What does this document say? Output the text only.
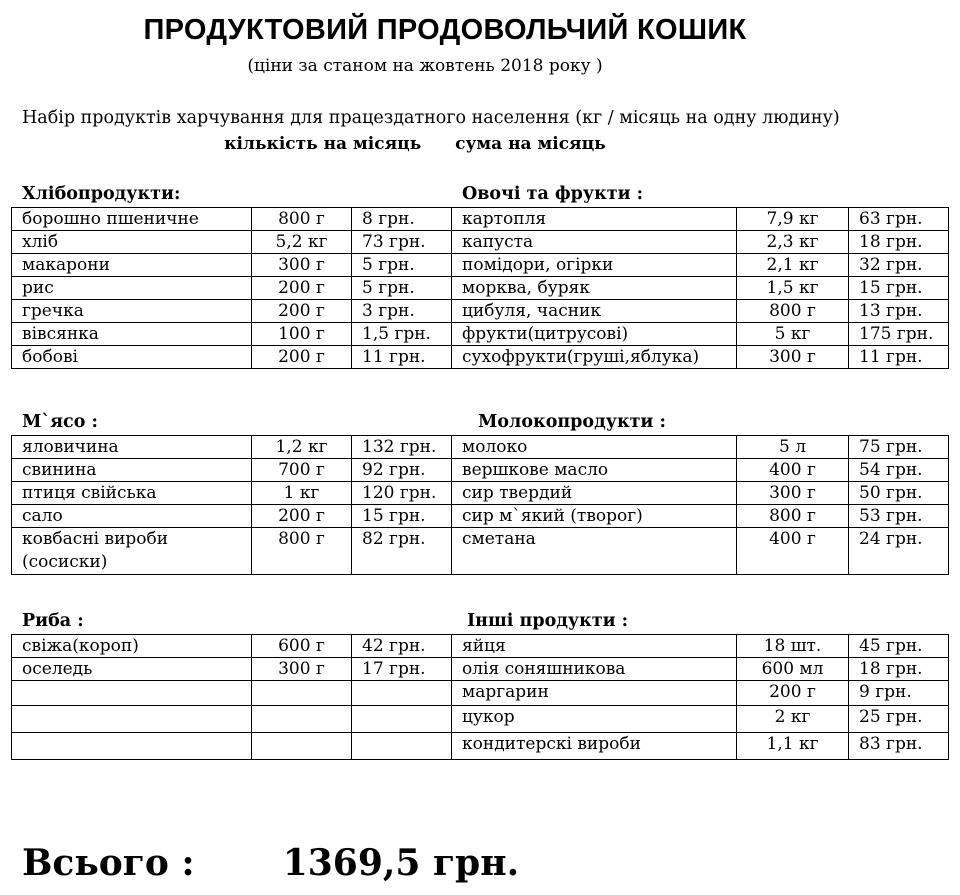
ПРОДУКТОВИЙ ПРОДОВОЛЬЧИЙ КОШИК
(ціни за станом на жовтень 2018 року )
Набір продуктів харчування для працездатного населення (кг / місяць на одну людину)
кількість на місяць сума на місяць
Хлібопродукти:	Овочі та фрукти :
борошно пшеничне	800 г	8 грн.	картопля	7,9 кг	63 грн.
хліб	5,2 кг	73 грн.	капуста	2,3 кг	18 грн.
макарони	300 г	5 грн.	помідори, огірки	2,1 кг	32 грн.
рис	200 г	5 грн.	морква, буряк	1,5 кг	15 грн.
гречка	200 г	3 грн.	цибуля, часник	800 г	13 грн.
вівсянка	100 г	1,5 грн.	фрукти(цитрусові)	5 кг	175 грн.
бобові	200 г	11 грн.	сухофрукти(груші,яблука)	300 г	11 грн.
М`ясо :	Молокопродукти :
яловичина	1,2 кг	132 грн.	молоко	5 л	75 грн.
свинина	700 г	92 грн.	вершкове масло	400 г	54 грн.
птиця свійська	1 кг	120 грн.	сир твердий	300 г	50 грн.
сало	200 г	15 грн.	сир м`який (творог)	800 г	53 грн.
ковбасні вироби (сосиски)	800 г	82 грн.	сметана	400 г	24 грн.
Риба :	Інші продукти :
свіжа(короп)	600 г	42 грн.	яйця	18 шт.	45 грн.
оселедь	300 г	17 грн.	олія соняшникова	600 мл	18 грн.
			маргарин	200 г	9 грн.
			цукор	2 кг	25 грн.
			кондитерскі вироби	1,1 кг	83 грн.
Всього : 1369,5 грн.
